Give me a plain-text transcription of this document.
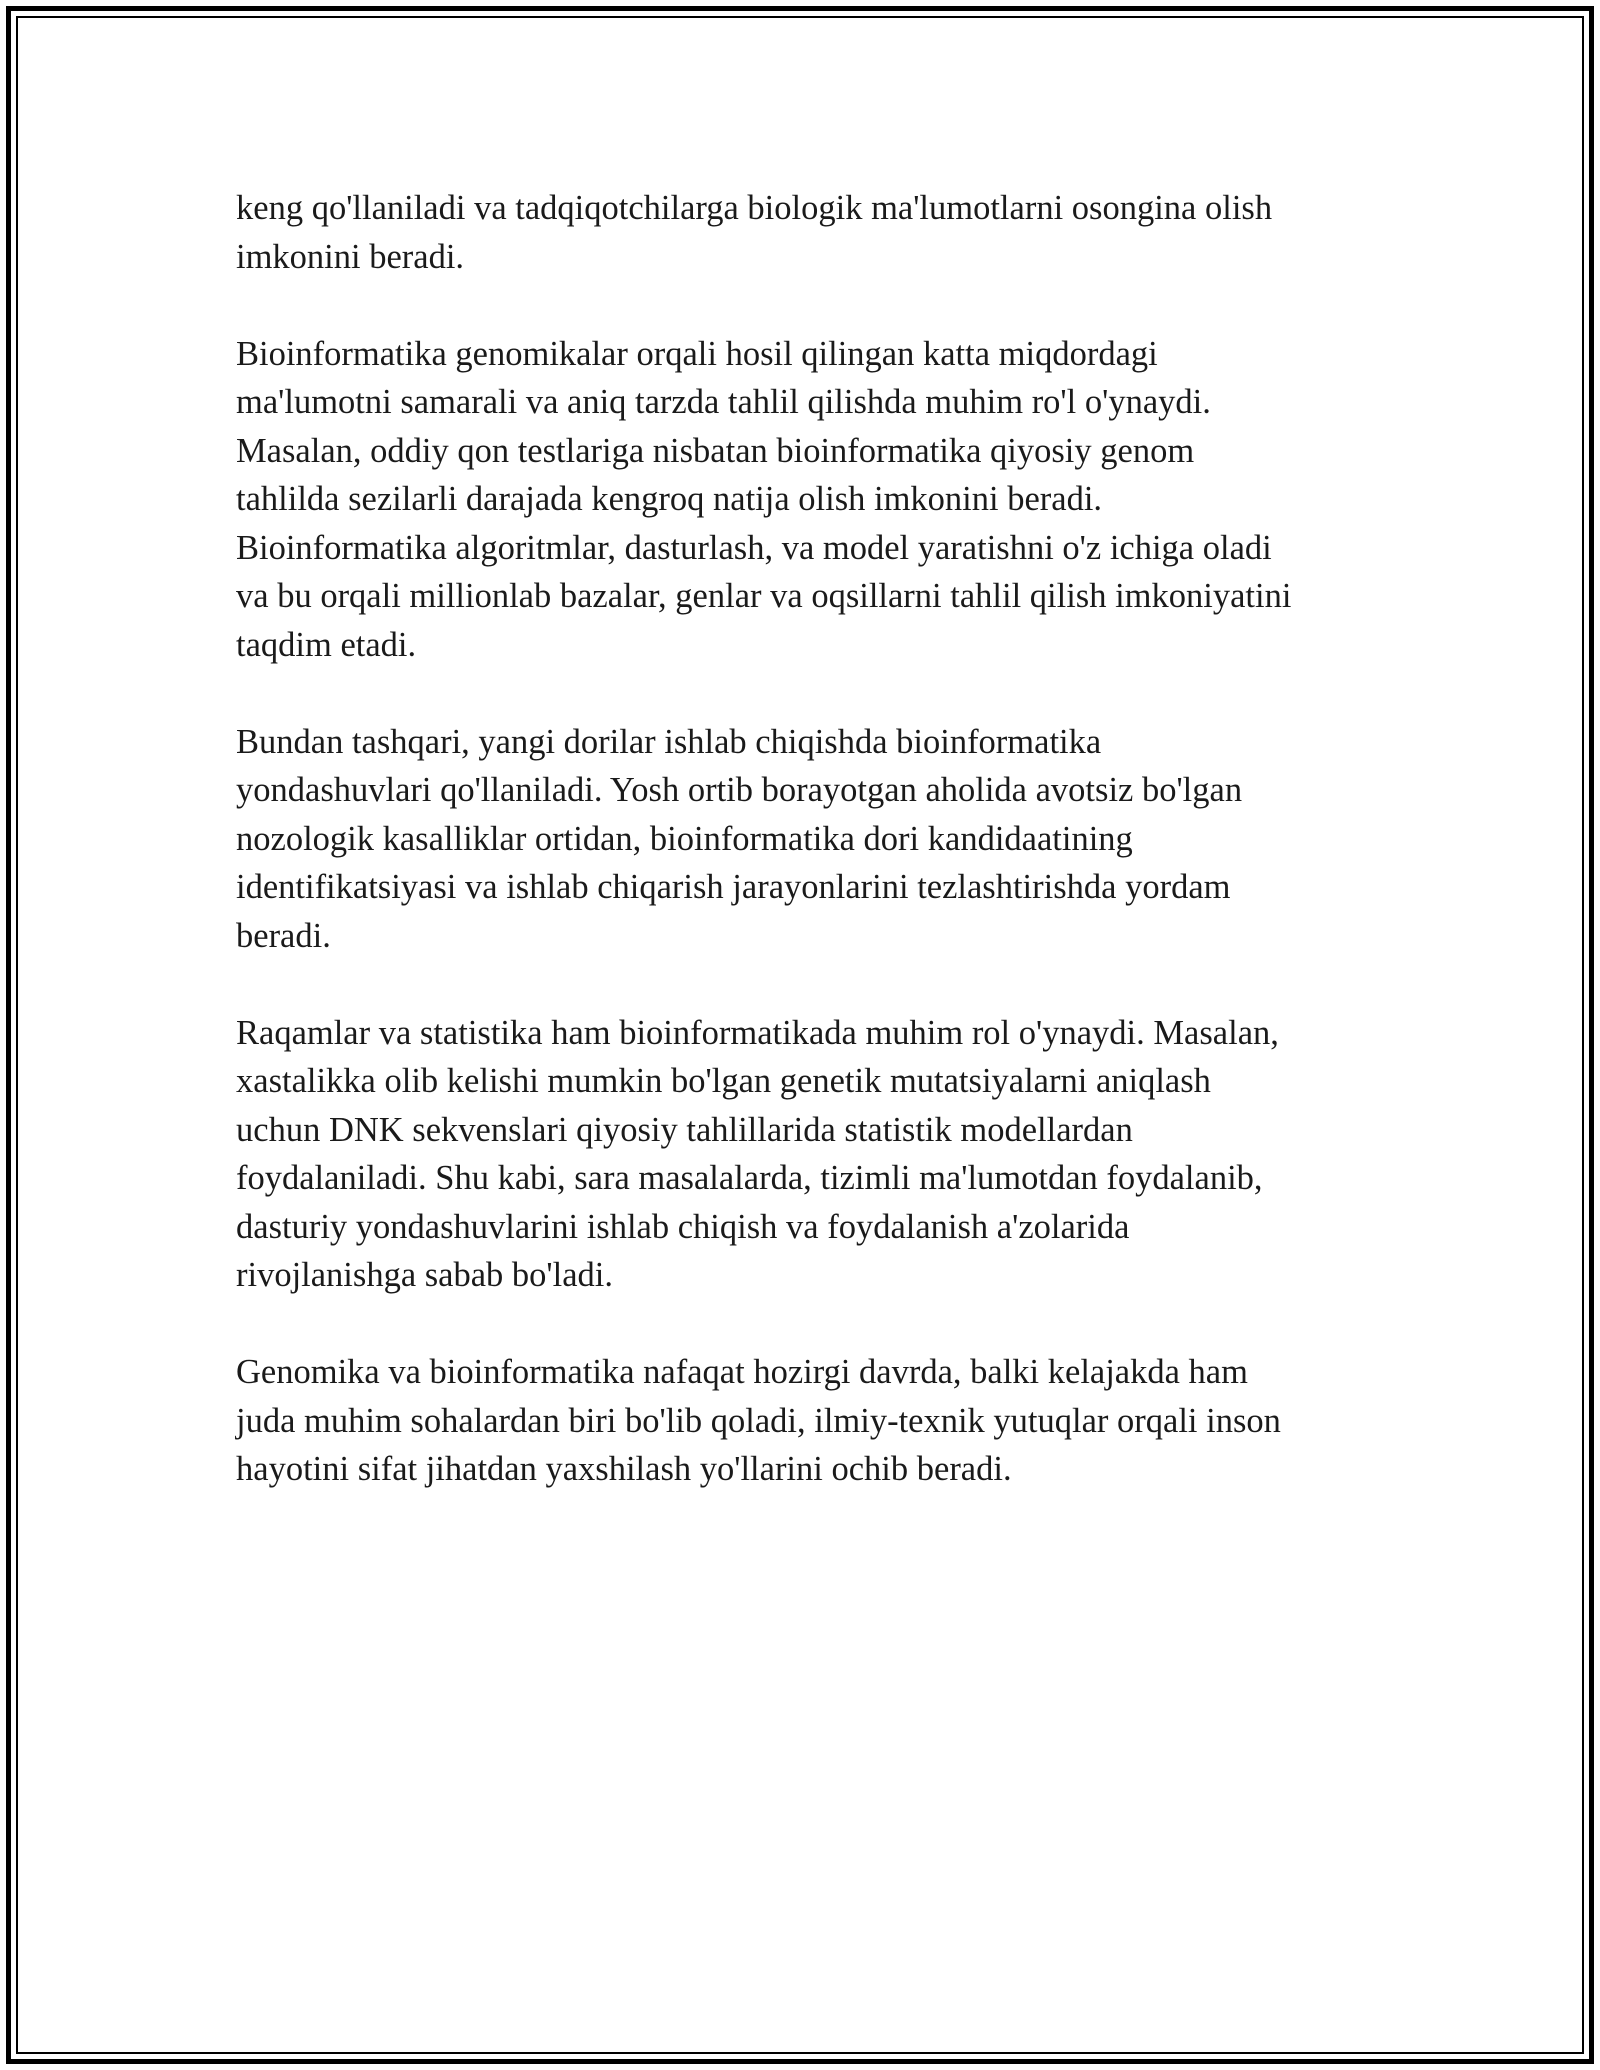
keng qo'llaniladi va tadqiqotchilarga biologik ma'lumotlarni osongina olish
imkonini beradi.

Bioinformatika genomikalar orqali hosil qilingan katta miqdordagi
ma'lumotni samarali va aniq tarzda tahlil qilishda muhim ro'l o'ynaydi.
Masalan, oddiy qon testlariga nisbatan bioinformatika qiyosiy genom
tahlilda sezilarli darajada kengroq natija olish imkonini beradi.
Bioinformatika algoritmlar, dasturlash, va model yaratishni o'z ichiga oladi
va bu orqali millionlab bazalar, genlar va oqsillarni tahlil qilish imkoniyatini
taqdim etadi.

Bundan tashqari, yangi dorilar ishlab chiqishda bioinformatika
yondashuvlari qo'llaniladi. Yosh ortib borayotgan aholida avotsiz bo'lgan
nozologik kasalliklar ortidan, bioinformatika dori kandidaatining
identifikatsiyasi va ishlab chiqarish jarayonlarini tezlashtirishda yordam
beradi.

Raqamlar va statistika ham bioinformatikada muhim rol o'ynaydi. Masalan,
xastalikka olib kelishi mumkin bo'lgan genetik mutatsiyalarni aniqlash
uchun DNK sekvenslari qiyosiy tahlillarida statistik modellardan
foydalaniladi. Shu kabi, sara masalalarda, tizimli ma'lumotdan foydalanib,
dasturiy yondashuvlarini ishlab chiqish va foydalanish a'zolarida
rivojlanishga sabab bo'ladi.

Genomika va bioinformatika nafaqat hozirgi davrda, balki kelajakda ham
juda muhim sohalardan biri bo'lib qoladi, ilmiy-texnik yutuqlar orqali inson
hayotini sifat jihatdan yaxshilash yo'llarini ochib beradi.
